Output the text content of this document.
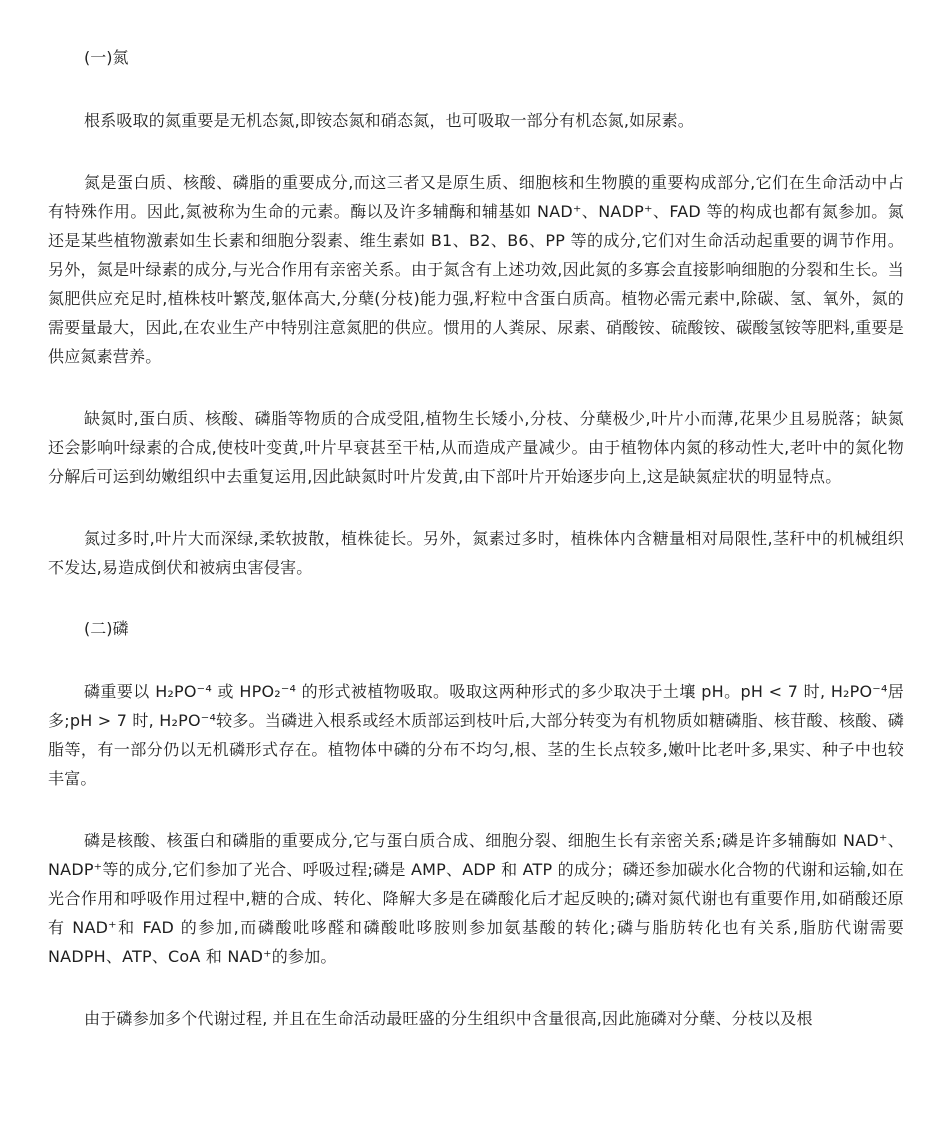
(一)氮

根系吸取的氮重要是无机态氮,即铵态氮和硝态氮，也可吸取一部分有机态氮,如尿素。

氮是蛋白质、核酸、磷脂的重要成分,而这三者又是原生质、细胞核和生物膜的重要构成部分,它们在生命活动中占有特殊作用。因此,氮被称为生命的元素。酶以及许多辅酶和辅基如 NAD⁺、NADP⁺、FAD 等的构成也都有氮参加。氮还是某些植物激素如生长素和细胞分裂素、维生素如 B1、B2、B6、PP 等的成分,它们对生命活动起重要的调节作用。另外，氮是叶绿素的成分,与光合作用有亲密关系。由于氮含有上述功效,因此氮的多寡会直接影响细胞的分裂和生长。当氮肥供应充足时,植株枝叶繁茂,躯体高大,分蘖(分枝)能力强,籽粒中含蛋白质高。植物必需元素中,除碳、氢、氧外，氮的需要量最大，因此,在农业生产中特别注意氮肥的供应。惯用的人粪尿、尿素、硝酸铵、硫酸铵、碳酸氢铵等肥料,重要是供应氮素营养。

缺氮时,蛋白质、核酸、磷脂等物质的合成受阻,植物生长矮小,分枝、分蘖极少,叶片小而薄,花果少且易脱落；缺氮还会影响叶绿素的合成,使枝叶变黄,叶片早衰甚至干枯,从而造成产量减少。由于植物体内氮的移动性大,老叶中的氮化物分解后可运到幼嫩组织中去重复运用,因此缺氮时叶片发黄,由下部叶片开始逐步向上,这是缺氮症状的明显特点。

氮过多时,叶片大而深绿,柔软披散，植株徒长。另外，氮素过多时，植株体内含糖量相对局限性,茎秆中的机械组织不发达,易造成倒伏和被病虫害侵害。

(二)磷

磷重要以 H₂PO⁻⁴ 或 HPO₂⁻⁴ 的形式被植物吸取。吸取这两种形式的多少取决于土壤 pH。pH < 7 时, H₂PO⁻⁴居多;pH > 7 时, H₂PO⁻⁴较多。当磷进入根系或经木质部运到枝叶后,大部分转变为有机物质如糖磷脂、核苷酸、核酸、磷脂等，有一部分仍以无机磷形式存在。植物体中磷的分布不均匀,根、茎的生长点较多,嫩叶比老叶多,果实、种子中也较丰富。

磷是核酸、核蛋白和磷脂的重要成分,它与蛋白质合成、细胞分裂、细胞生长有亲密关系;磷是许多辅酶如 NAD⁺、NADP⁺等的成分,它们参加了光合、呼吸过程;磷是 AMP、ADP 和 ATP 的成分；磷还参加碳水化合物的代谢和运输,如在光合作用和呼吸作用过程中,糖的合成、转化、降解大多是在磷酸化后才起反映的;磷对氮代谢也有重要作用,如硝酸还原有 NAD⁺和 FAD 的参加,而磷酸吡哆醛和磷酸吡哆胺则参加氨基酸的转化;磷与脂肪转化也有关系,脂肪代谢需要 NADPH、ATP、CoA 和 NAD⁺的参加。

由于磷参加多个代谢过程, 并且在生命活动最旺盛的分生组织中含量很高,因此施磷对分蘖、分枝以及根
